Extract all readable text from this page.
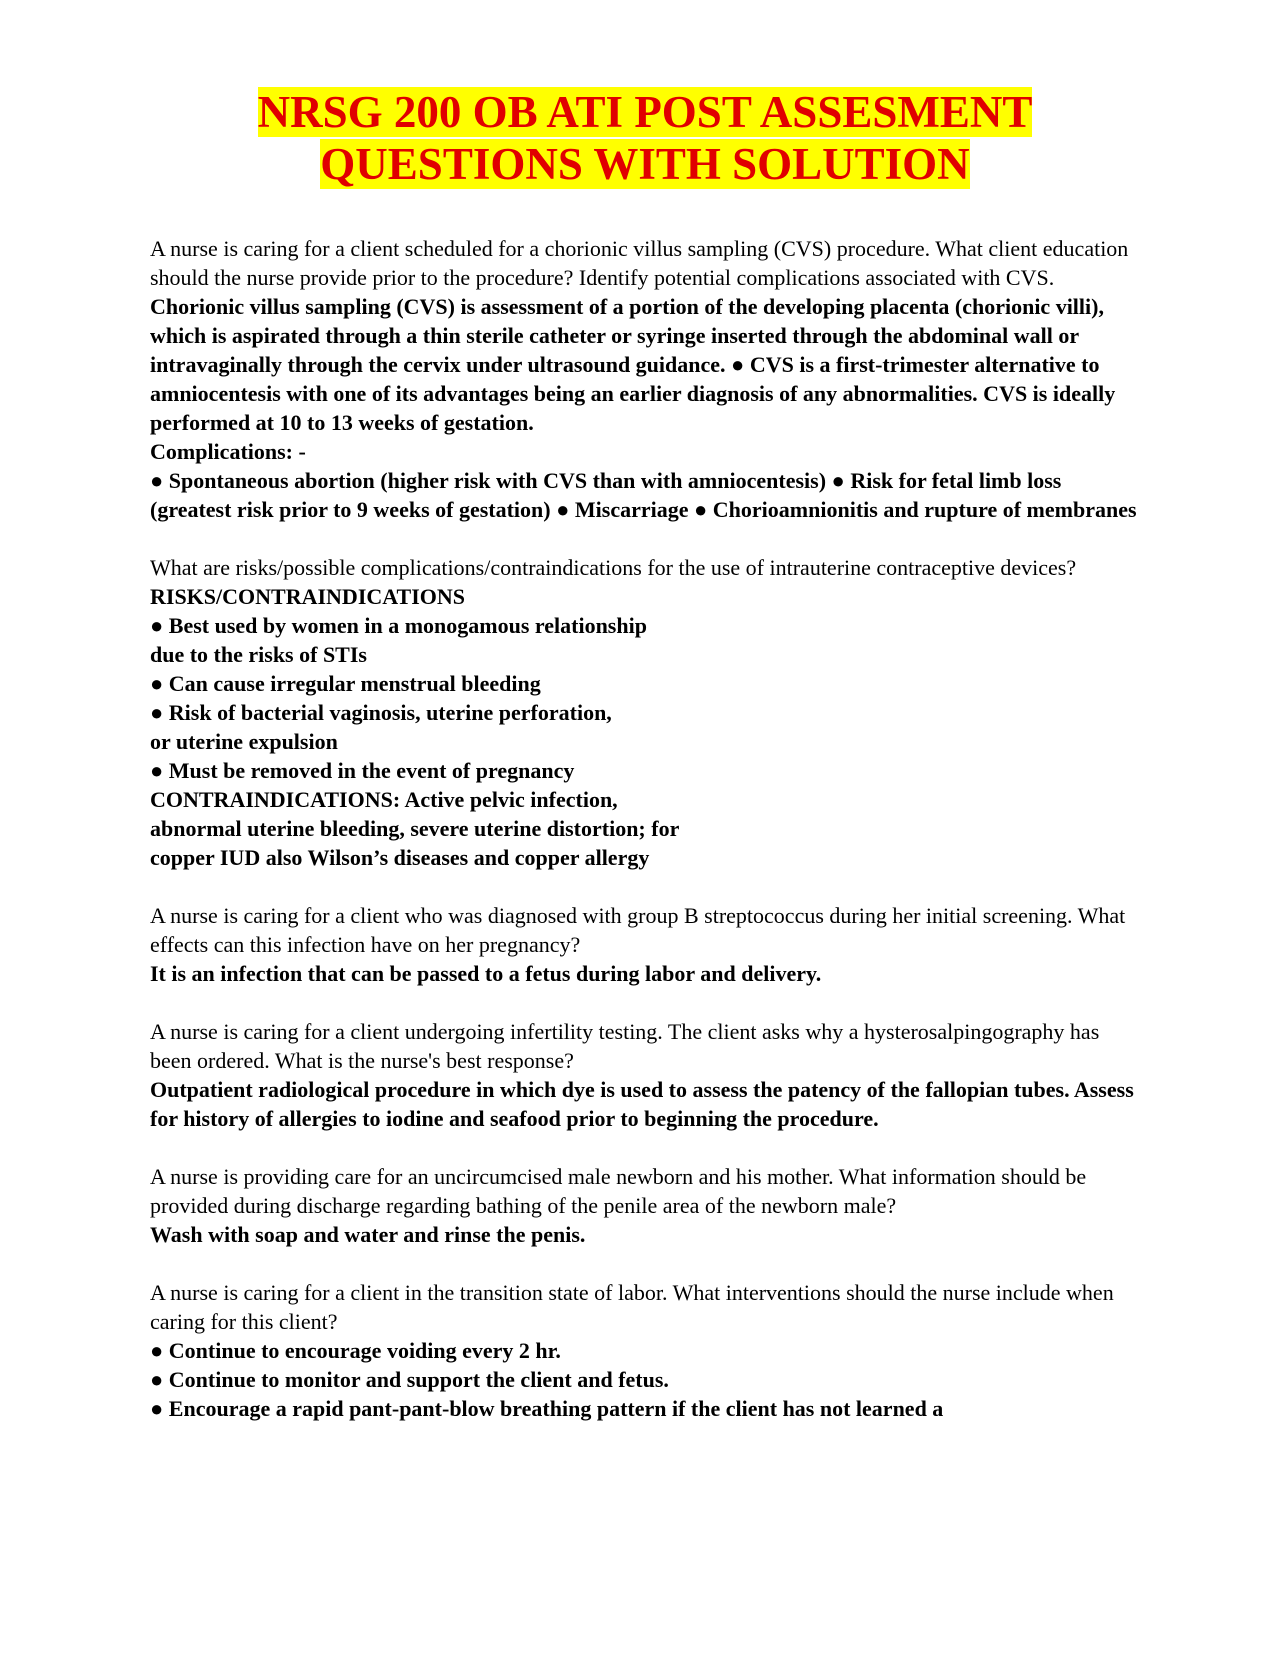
NRSG 200 OB ATI POST ASSESMENT
QUESTIONS WITH SOLUTION

A nurse is caring for a client scheduled for a chorionic villus sampling (CVS) procedure. What client education should the nurse provide prior to the procedure? Identify potential complications associated with CVS.

Chorionic villus sampling (CVS) is assessment of a portion of the developing placenta (chorionic villi), which is aspirated through a thin sterile catheter or syringe inserted through the abdominal wall or intravaginally through the cervix under ultrasound guidance. ● CVS is a first-trimester alternative to amniocentesis with one of its advantages being an earlier diagnosis of any abnormalities. CVS is ideally performed at 10 to 13 weeks of gestation.

Complications: -

● Spontaneous abortion (higher risk with CVS than with amniocentesis) ● Risk for fetal limb loss (greatest risk prior to 9 weeks of gestation) ● Miscarriage ● Chorioamnionitis and rupture of membranes

What are risks/possible complications/contraindications for the use of intrauterine contraceptive devices?

RISKS/CONTRAINDICATIONS

● Best used by women in a monogamous relationship

due to the risks of STIs

● Can cause irregular menstrual bleeding

● Risk of bacterial vaginosis, uterine perforation,

or uterine expulsion

● Must be removed in the event of pregnancy

CONTRAINDICATIONS: Active pelvic infection,

abnormal uterine bleeding, severe uterine distortion; for

copper IUD also Wilson’s diseases and copper allergy

A nurse is caring for a client who was diagnosed with group B streptococcus during her initial screening. What effects can this infection have on her pregnancy?

It is an infection that can be passed to a fetus during labor and delivery.

A nurse is caring for a client undergoing infertility testing. The client asks why a hysterosalpingography has been ordered. What is the nurse's best response?

Outpatient radiological procedure in which dye is used to assess the patency of the fallopian tubes. Assess for history of allergies to iodine and seafood prior to beginning the procedure.

A nurse is providing care for an uncircumcised male newborn and his mother. What information should be provided during discharge regarding bathing of the penile area of the newborn male?

Wash with soap and water and rinse the penis.

A nurse is caring for a client in the transition state of labor. What interventions should the nurse include when caring for this client?

● Continue to encourage voiding every 2 hr.

● Continue to monitor and support the client and fetus.

● Encourage a rapid pant-pant-blow breathing pattern if the client has not learned a
